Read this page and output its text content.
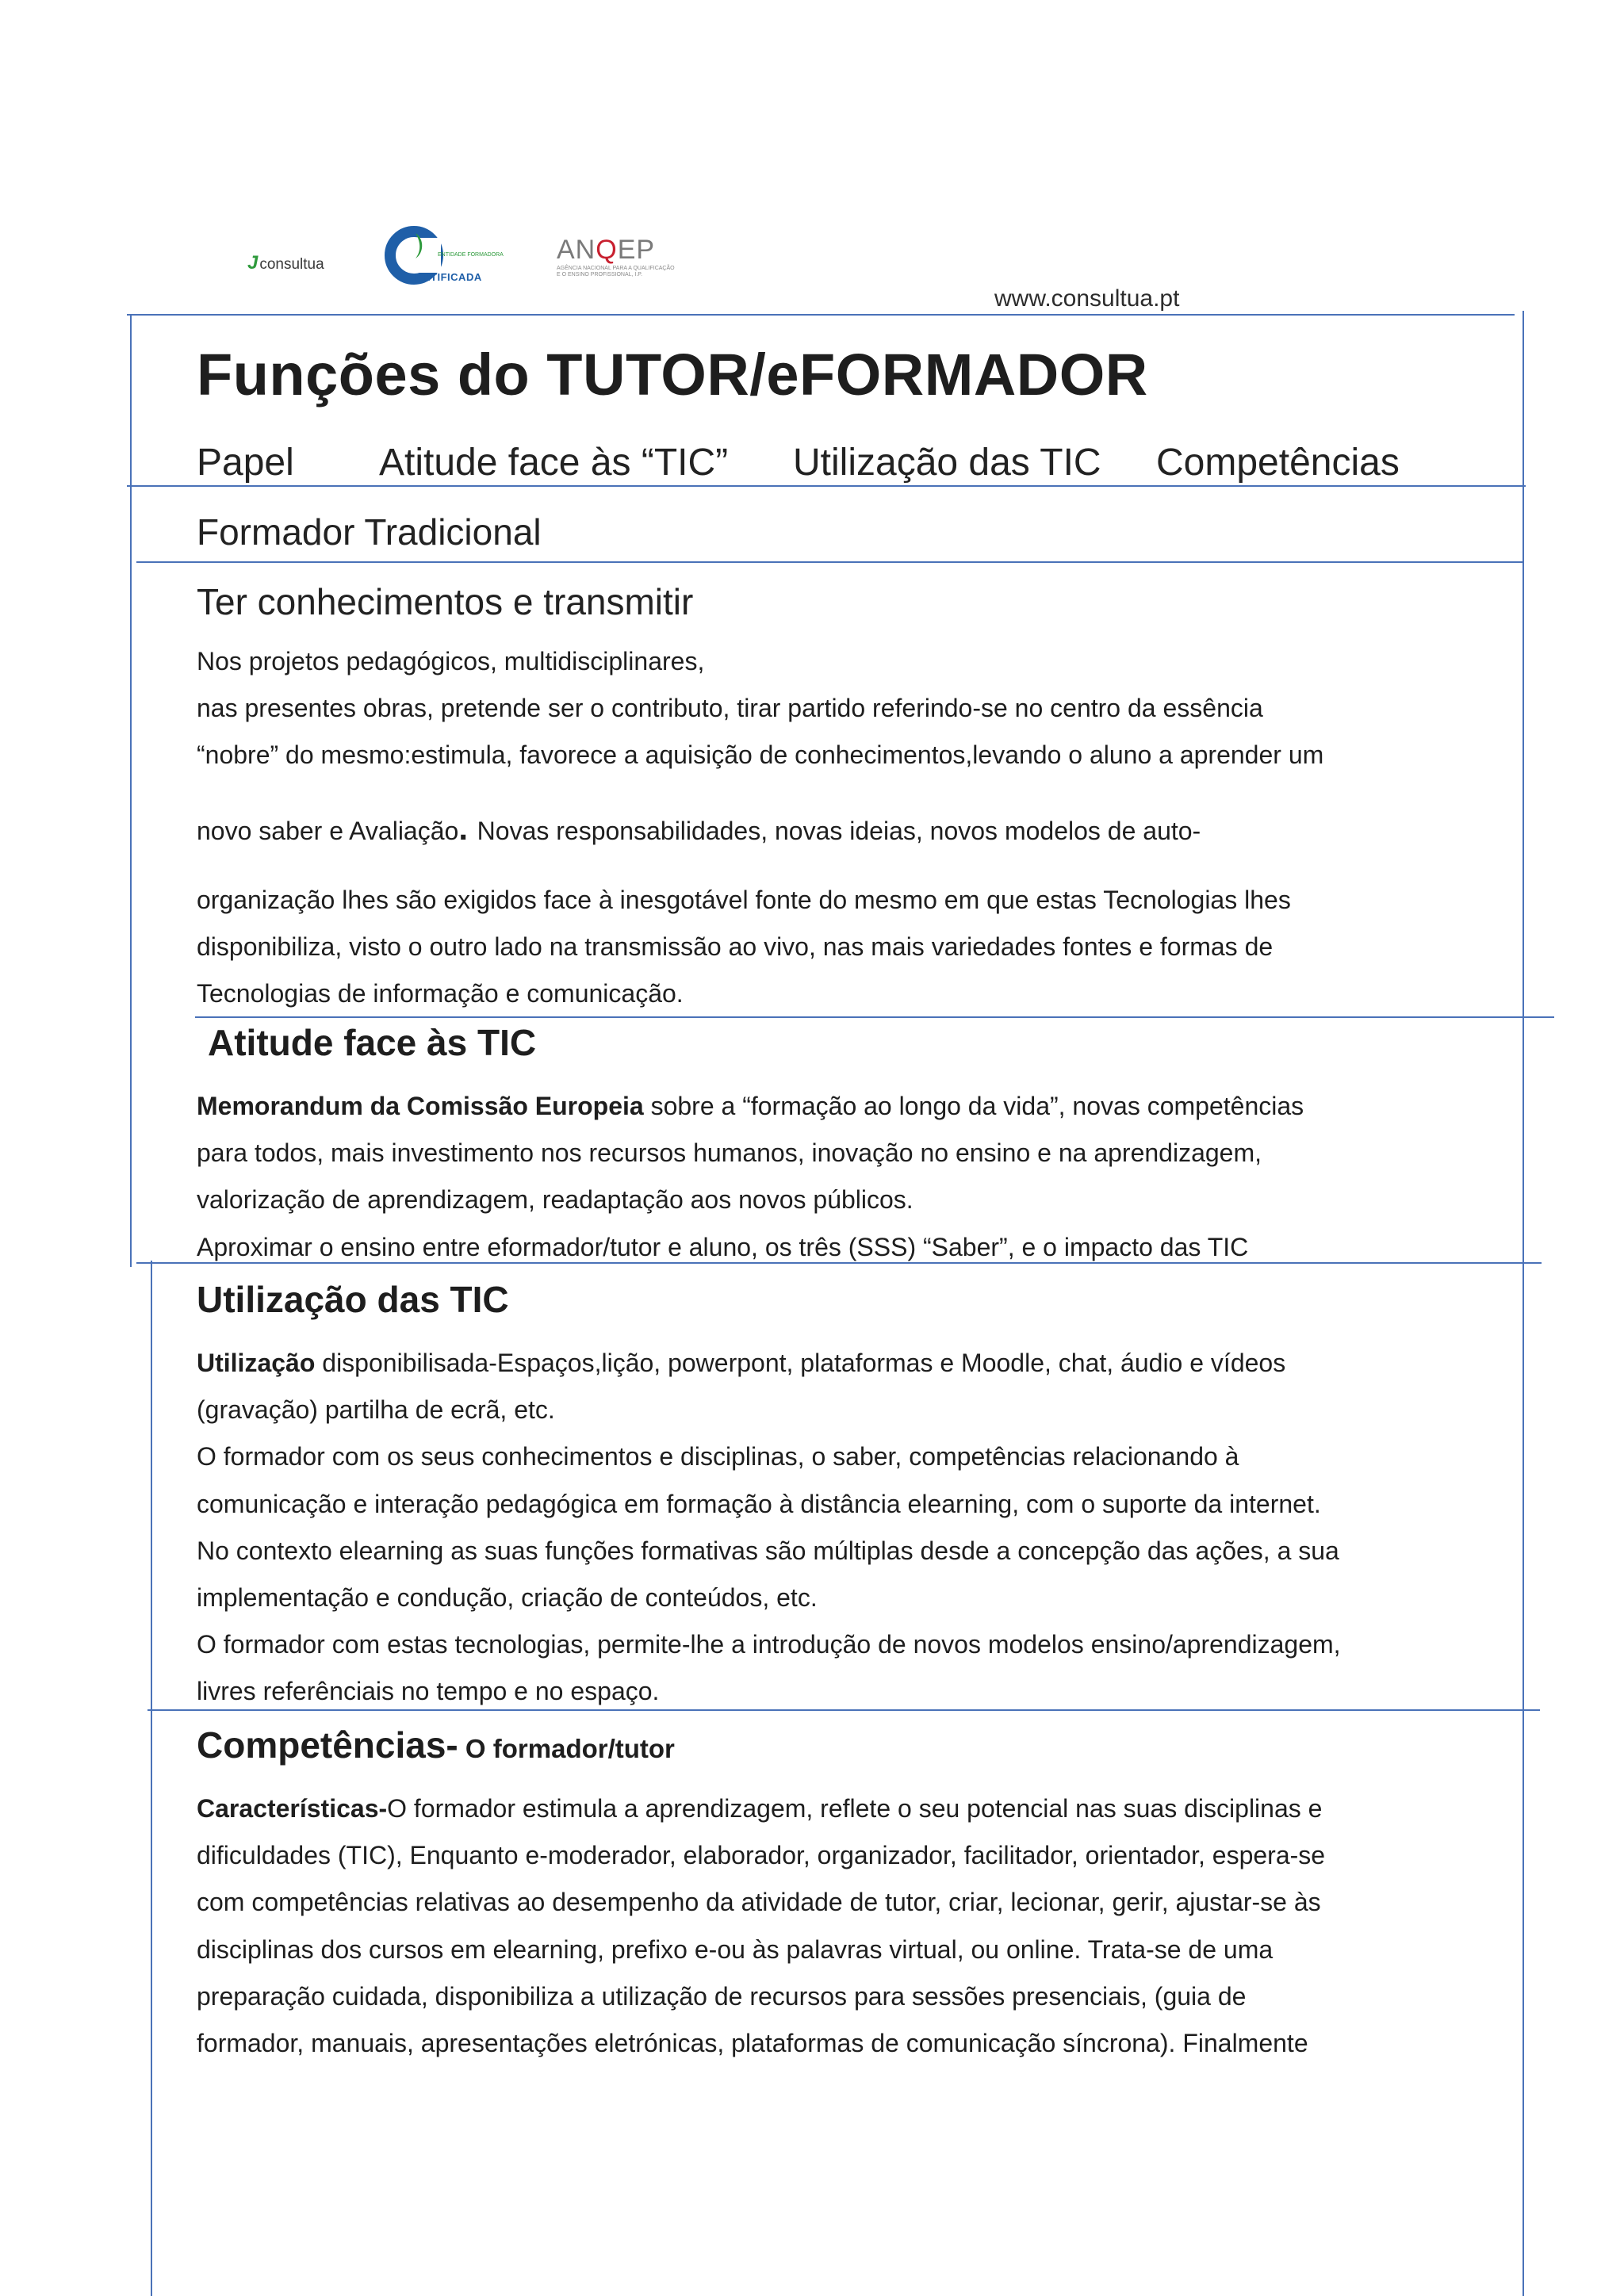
J consultua
ENTIDADE FORMADORA
ERTIFICADA
ANQEP
AGÊNCIA NACIONAL PARA A QUALIFICAÇÃO E O ENSINO PROFISSIONAL, I.P.
www.consultua.pt
Funções do TUTOR/eFORMADOR
Papel Atitude face às “TIC” Utilização das TIC Competências
Formador Tradicional
Ter conhecimentos e transmitir
Nos projetos pedagógicos, multidisciplinares,
nas presentes obras, pretende ser o contributo, tirar partido referindo-se no centro da essência
“nobre” do mesmo:estimula, favorece a aquisição de conhecimentos,levando o aluno a aprender um
novo saber e Avaliação. Novas responsabilidades, novas ideias, novos modelos de auto-
organização lhes são exigidos face à inesgotável fonte do mesmo em que estas Tecnologias lhes
disponibiliza, visto o outro lado na transmissão ao vivo, nas mais variedades fontes e formas de
Tecnologias de informação e comunicação.
Atitude face às TIC
Memorandum da Comissão Europeia sobre a “formação ao longo da vida”, novas competências
para todos, mais investimento nos recursos humanos, inovação no ensino e na aprendizagem,
valorização de aprendizagem, readaptação aos novos públicos.
Aproximar o ensino entre eformador/tutor e aluno, os três (SSS) “Saber”, e o impacto das TIC
Utilização das TIC
Utilização disponibilisada-Espaços,lição, powerpont, plataformas e Moodle, chat, áudio e vídeos
(gravação) partilha de ecrã, etc.
O formador com os seus conhecimentos e disciplinas, o saber, competências relacionando à
comunicação e interação pedagógica em formação à distância elearning, com o suporte da internet.
No contexto elearning as suas funções formativas são múltiplas desde a concepção das ações, a sua
implementação e condução, criação de conteúdos, etc.
O formador com estas tecnologias, permite-lhe a introdução de novos modelos ensino/aprendizagem,
livres referênciais no tempo e no espaço.
Competências- O formador/tutor
Características-O formador estimula a aprendizagem, reflete o seu potencial nas suas disciplinas e
dificuldades (TIC), Enquanto e-moderador, elaborador, organizador, facilitador, orientador, espera-se
com competências relativas ao desempenho da atividade de tutor, criar, lecionar, gerir, ajustar-se às
disciplinas dos cursos em elearning, prefixo e-ou às palavras virtual, ou online. Trata-se de uma
preparação cuidada, disponibiliza a utilização de recursos para sessões presenciais, (guia de
formador, manuais, apresentações eletrónicas, plataformas de comunicação síncrona). Finalmente
